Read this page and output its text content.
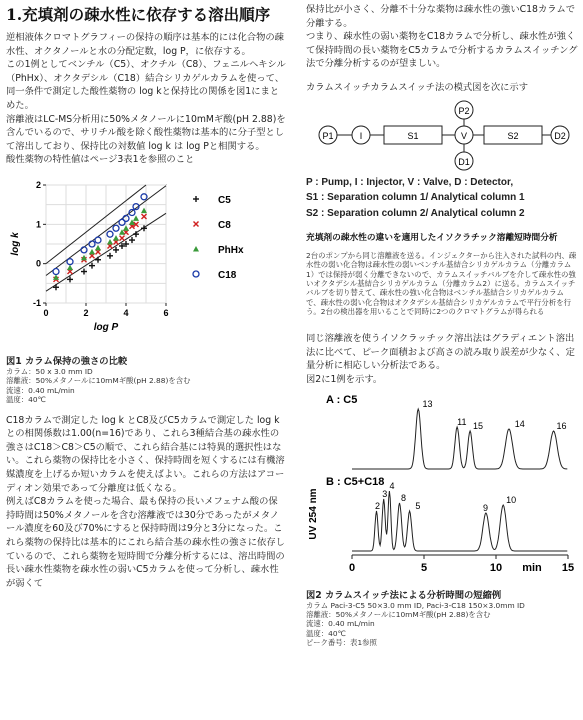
1.充填剤の疎水性に依存する溶出順序

逆相液体クロマトグラフィーの保持の順序は基本的には化合物の疎水性、オクタノールと水の分配定数，log P，に依存する。

この1例としてベンチル（C5）、オクチル（C8）、フェニルヘキシル（PhHx）、オクタデシル（C18）結合シリカゲルカラムを使って、同一条件で測定した酸性薬物の log kと保持比の関係を図1にまとめた。

溶離液はLC-MS分析用に50%メタノールに10mMギ酸(pH 2.88)を含んでいるので、サリチル酸を除く酸性薬物は基本的に分子型として溶出しており、保持比の対数値 log k は log Pと相関する。

酸性薬物の特性値はページ3表1を参照のこと

0	2	4	6
-1
0
1
2
log P
log k
C5
C8
PhHx
C18
図1 カラム保持の強さの比較
カラム：50 x 3.0 mm ID
溶離液：50%メタノールに10mMギ酸(pH 2.88)を含む
流速：0.40 mL/min
温度：40℃

C18カラムで測定した log k とC8及びC5カラムで測定した log k との相関係数は1.00(n=16)であり、これら3種結合基の疎水性の強さはC18＞C8＞C5の順で、これら結合基には特異的選択性はない。これら薬物の保持比を小さく、保持時間を短くするには有機溶媒濃度を上げるか短いカラムを使えばよい。これらの方法はアコーディオン効果であって分離度は低くなる。

例えばC8カラムを使った場合、最も保持の長いメフェナム酸の保持時間は50%メタノールを含む溶離液では30分であったがメタノール濃度を60及び70%にすると保持時間は9分と3分になった。これら薬物の保持比は基本的にこれら結合基の疎水性の強さに依存しているので、これら薬物を短時間で分離分析するには、溶出時間の長い疎水性薬物を疎水性の弱いC5カラムを使って分析し、疎水性が弱くて

保持比が小さく、分離不十分な薬物は疎水性の強いC18カラムで分離する。

つまり、疎水性の弱い薬物をC18カラムで分析し、疎水性が強くて保持時間の長い薬物をC5カラムで分析するカラムスイッチング法で分離分析するのが望ましい。

カラムスイッチカラムスイッチ法の模式図を次に示す

P1	I	S1	V	S2	D2
P2
D1

P : Pump, I : Injector, V : Valve, D : Detector,

S1 : Separation column 1/ Analytical column 1

S2 : Separation column 2/ Analytical column 2

充填剤の疎水性の違いを適用したイソクラチック溶離短時間分析
2台のポンプから同じ溶離液を送る。インジェクターから注入された試料の内、疎水性の弱い化合物は疎水性の弱いベンチル基結合シリカゲルカラム（分離カラム1）では保持が弱く分離できないので、カラムスイッチバルブを介して疎水性の強いオクタデシル基結合シリカゲルカラム（分離カラム2）に送る。カラムスイッチバルブを切り替えて、疎水性の強い化合物はベンチル基結合シリカゲルカラムで、疎水性の弱い化合物はオクタデシル基結合シリカゲルカラムで平行分析を行う。2台の検出器を用いることで同時に2つのクロマトグラムが得られる

同じ溶離液を使うイソクラッチック溶出法はグラディエント溶出法に比べて、ピーク面積および高さの読み取り誤差が少なく、定量分析に相応しい分析法である。

図2に1例を示す。

A : C5
B : C5+C18
UV 254 nm
13
11 15	14	16
2
3
4
8
5	9
10
0	5	10	15
min
図2 カラムスイッチ法による分析時間の短縮例
カラム Paci-3-C5 50×3.0 mm ID, Paci-3-C18 150×3.0mm ID
溶離液：50%メタノールに10mMギ酸(pH 2.88)を含む
流速：0.40 mL/min
温度：40℃
ピーク番号：表1参照
